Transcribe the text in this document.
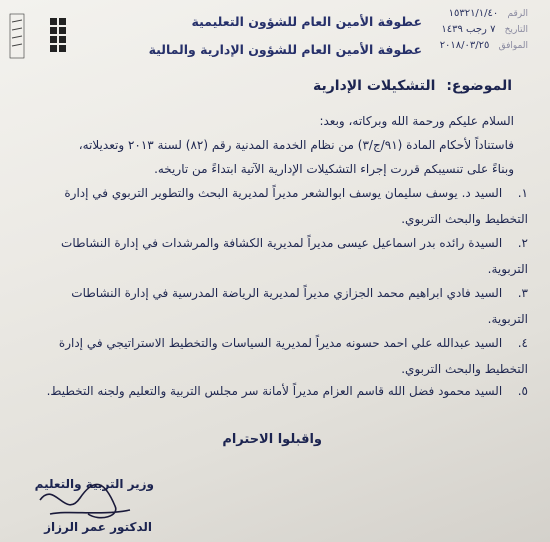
الرقم ١٥٣٢١/١/٤٠
التاريخ ٧ رجب ١٤٣٩
الموافق ٢٠١٨/٠٣/٢٥
عطوفة الأمين العام للشؤون التعليمية
عطوفة الأمين العام للشؤون الإدارية والمالية
الموضوع: التشكيلات الإدارية
السلام عليكم ورحمة الله وبركاته، وبعد:
فاستناداً لأحكام المادة (٩١/ج/٣) من نظام الخدمة المدنية رقم (٨٢) لسنة ٢٠١٣ وتعديلاته،
وبناءً على تنسيبكم قررت إجراء التشكيلات الإدارية الآتية ابتداءً من تاريخه.
١. السيد د. يوسف سليمان يوسف ابوالشعر مديراً لمديرية البحث والتطوير التربوي في إدارة التخطيط والبحث التربوي.
٢. السيدة رائده بدر اسماعيل عيسى مديراً لمديرية الكشافة والمرشدات في إدارة النشاطات التربوية.
٣. السيد فادي ابراهيم محمد الجزازي مديراً لمديرية الرياضة المدرسية في إدارة النشاطات التربوية.
٤. السيد عبدالله علي احمد حسونه مديراً لمديرية السياسات والتخطيط الاستراتيجي في إدارة التخطيط والبحث التربوي.
٥. السيد محمود فضل الله قاسم العزام مديراً لأمانة سر مجلس التربية والتعليم ولجنه التخطيط.
واقبلوا الاحترام
وزير التربية والتعليم
الدكتور عمر الرزاز
